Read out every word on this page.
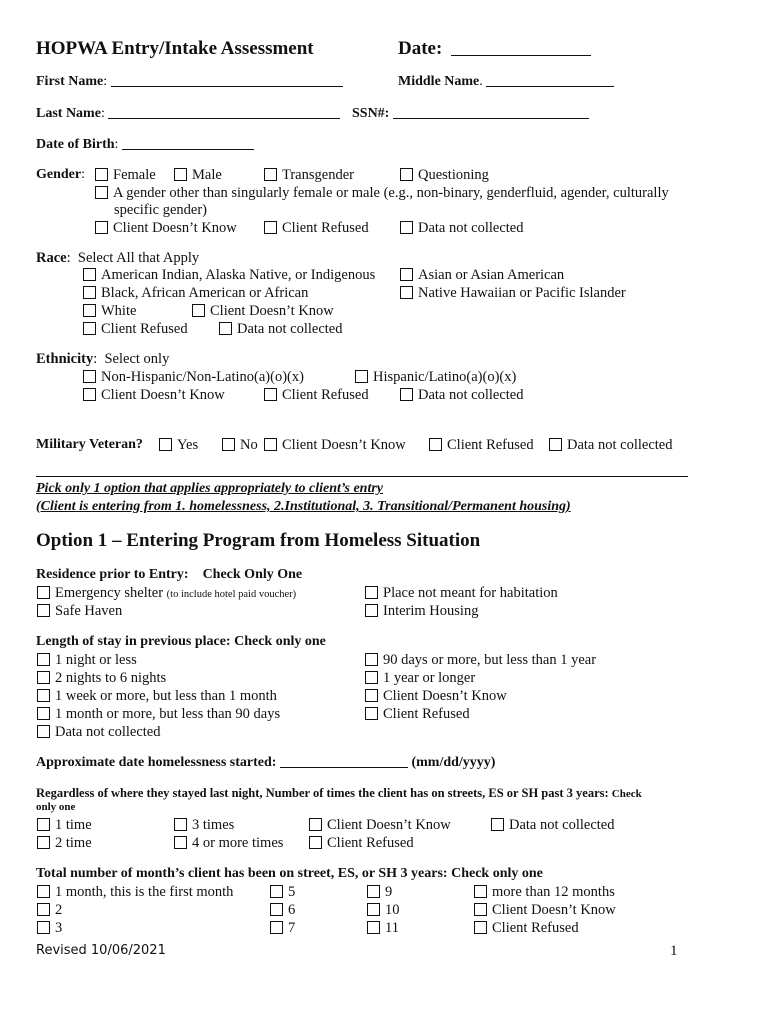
HOPWA Entry/Intake Assessment	Date:
First Name:	Middle Name.
Last Name:	SSN#:
Date of Birth:
Gender:	Female	Male	Transgender	Questioning
A gender other than singularly female or male (e.g., non-binary, genderfluid, agender, culturally
specific gender)
Client Doesn’t Know	Client Refused	Data not collected
Race:  Select All that Apply
American Indian, Alaska Native, or Indigenous	Asian or Asian American
Black, African American or African	Native Hawaiian or Pacific Islander
White	Client Doesn’t Know
Client Refused	Data not collected
Ethnicity:  Select only
Non-Hispanic/Non-Latino(a)(o)(x)	Hispanic/Latino(a)(o)(x)
Client Doesn’t Know	Client Refused	Data not collected
Military Veteran?	Yes	No	Client Doesn’t Know	Client Refused	Data not collected
Pick only 1 option that applies appropriately to client’s entry
(Client is entering from 1. homelessness, 2.Institutional, 3. Transitional/Permanent housing)
Option 1 – Entering Program from Homeless Situation
Residence prior to Entry: Check Only One
Emergency shelter (to include hotel paid voucher)
Safe Haven
Place not meant for habitation
Interim Housing
Length of stay in previous place: Check only one
1 night or less
2 nights to 6 nights
1 week or more, but less than 1 month
1 month or more, but less than 90 days
Data not collected
90 days or more, but less than 1 year
1 year or longer
Client Doesn’t Know
Client Refused
Approximate date homelessness started:	(mm/dd/yyyy)
Regardless of where they stayed last night, Number of times the client has on streets, ES or SH past 3 years: Check
only one
1 time
2 time
3 times
4 or more times
Client Doesn’t Know
Client Refused
Data not collected
Total number of month’s client has been on street, ES, or SH 3 years: Check only one
1 month, this is the first month
2
3
5
6
7
9
10
11
more than 12 months
Client Doesn’t Know
Client Refused
Revised 10/06/2021	1
